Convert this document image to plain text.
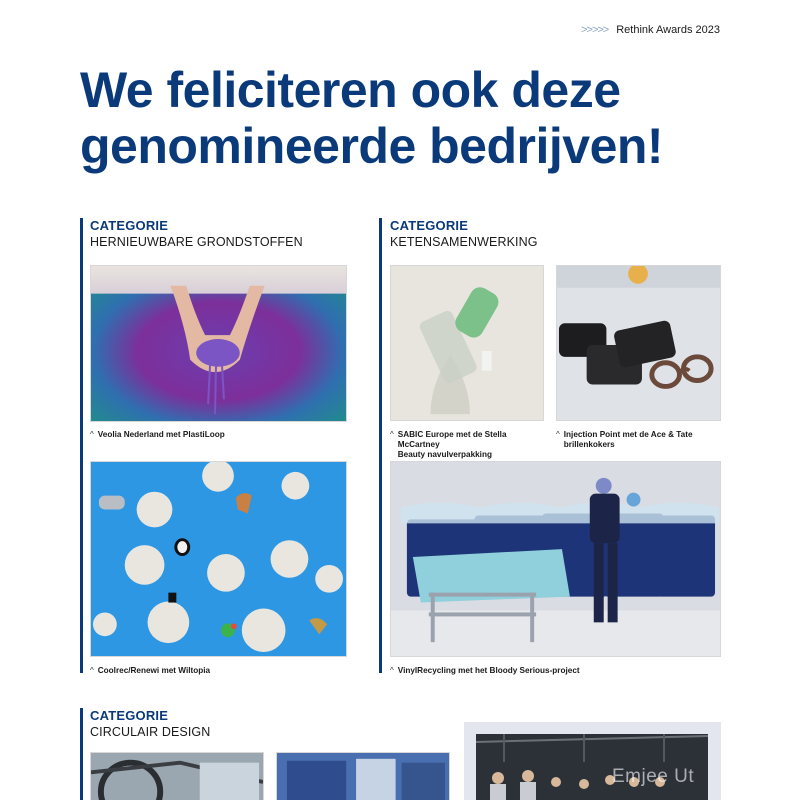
>>>>> Rethink Awards 2023
We feliciteren ook deze
genomineerde bedrijven!
CATEGORIE
HERNIEUWBARE GRONDSTOFFEN
^ Veolia Nederland met PlastiLoop
^ Coolrec/Renewi met Wiltopia
CATEGORIE
KETENSAMENWERKING
^ SABIC Europe met de Stella McCartney
Beauty navulverpakking
^ Injection Point met de Ace & Tate
brillenkokers
^ VinylRecycling met het Bloody Serious-project
CATEGORIE
CIRCULAIR DESIGN
Emjee Ut
